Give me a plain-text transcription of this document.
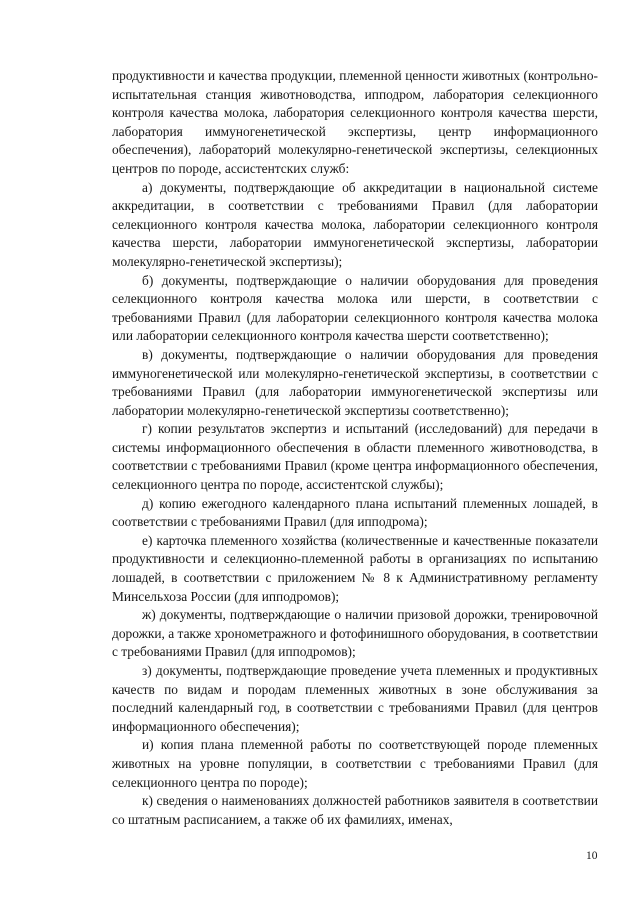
продуктивности и качества продукции, племенной ценности животных (контрольно-испытательная станция животноводства, ипподром, лаборатория селекционного контроля качества молока, лаборатория селекционного контроля качества шерсти, лаборатория иммуногенетической экспертизы, центр информационного обеспечения), лабораторий молекулярно-генетической экспертизы, селекционных центров по породе, ассистентских служб:

а) документы, подтверждающие об аккредитации в национальной системе аккредитации, в соответствии с требованиями Правил (для лаборатории селекционного контроля качества молока, лаборатории селекционного контроля качества шерсти, лаборатории иммуногенетической экспертизы, лаборатории молекулярно-генетической экспертизы);

б) документы, подтверждающие о наличии оборудования для проведения селекционного контроля качества молока или шерсти, в соответствии с требованиями Правил (для лаборатории селекционного контроля качества молока или лаборатории селекционного контроля качества шерсти соответственно);

в) документы, подтверждающие о наличии оборудования для проведения иммуногенетической или молекулярно-генетической экспертизы, в соответствии с требованиями Правил (для лаборатории иммуногенетической экспертизы или лаборатории молекулярно-генетической экспертизы соответственно);

г) копии результатов экспертиз и испытаний (исследований) для передачи в системы информационного обеспечения в области племенного животноводства, в соответствии с требованиями Правил (кроме центра информационного обеспечения, селекционного центра по породе, ассистентской службы);

д) копию ежегодного календарного плана испытаний племенных лошадей, в соответствии с требованиями Правил (для ипподрома);

е) карточка племенного хозяйства (количественные и качественные показатели продуктивности и селекционно-племенной работы в организациях по испытанию лошадей, в соответствии с приложением № 8 к Административному регламенту Минсельхоза России (для ипподромов);

ж) документы, подтверждающие о наличии призовой дорожки, тренировочной дорожки, а также хронометражного и фотофинишного оборудования, в соответствии с требованиями Правил (для ипподромов);

з) документы, подтверждающие проведение учета племенных и продуктивных качеств по видам и породам племенных животных в зоне обслуживания за последний календарный год, в соответствии с требованиями Правил (для центров информационного обеспечения);

и) копия плана племенной работы по соответствующей породе племенных животных на уровне популяции, в соответствии с требованиями Правил (для селекционного центра по породе);

к) сведения о наименованиях должностей работников заявителя в соответствии со штатным расписанием, а также об их фамилиях, именах,

10
